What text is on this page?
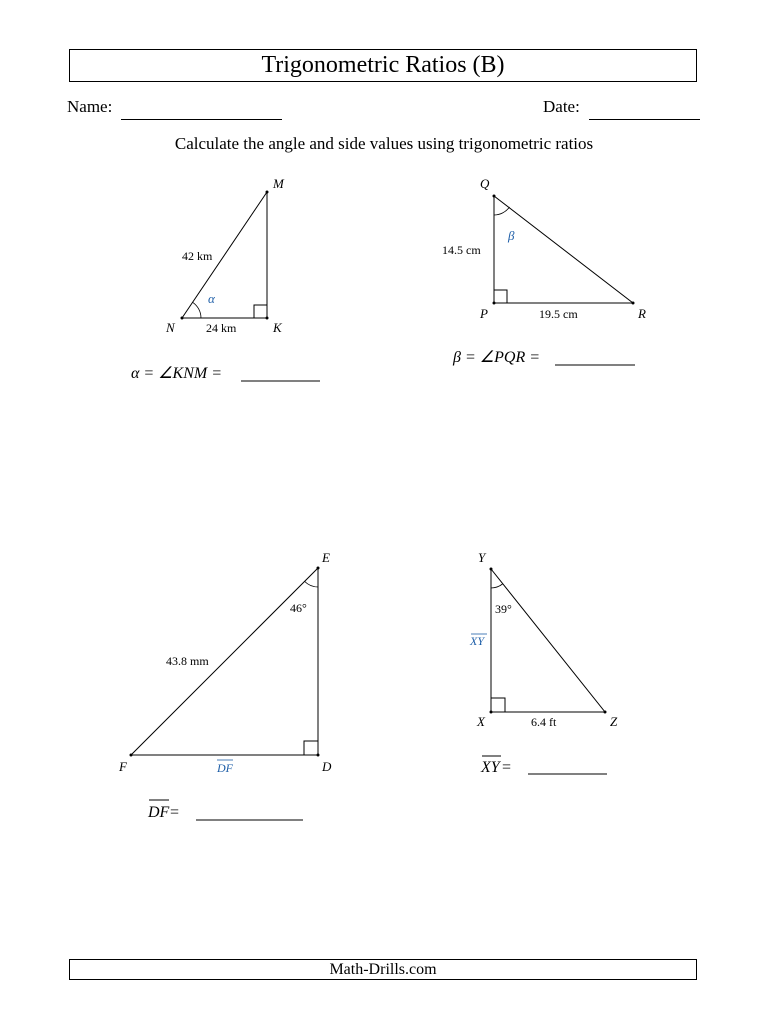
Trigonometric Ratios (B)
Name:	Date:
Calculate the angle and side values using trigonometric ratios
M
N	K
42 km
24 km
α
α = ∠KNM =
Q
P	R
14.5 cm
19.5 cm
β
β = ∠PQR =
E
F	D
43.8 mm
46°
DF
DF =
Y
X	Z
39°
XY
6.4 ft
XY =
Math-Drills.com
